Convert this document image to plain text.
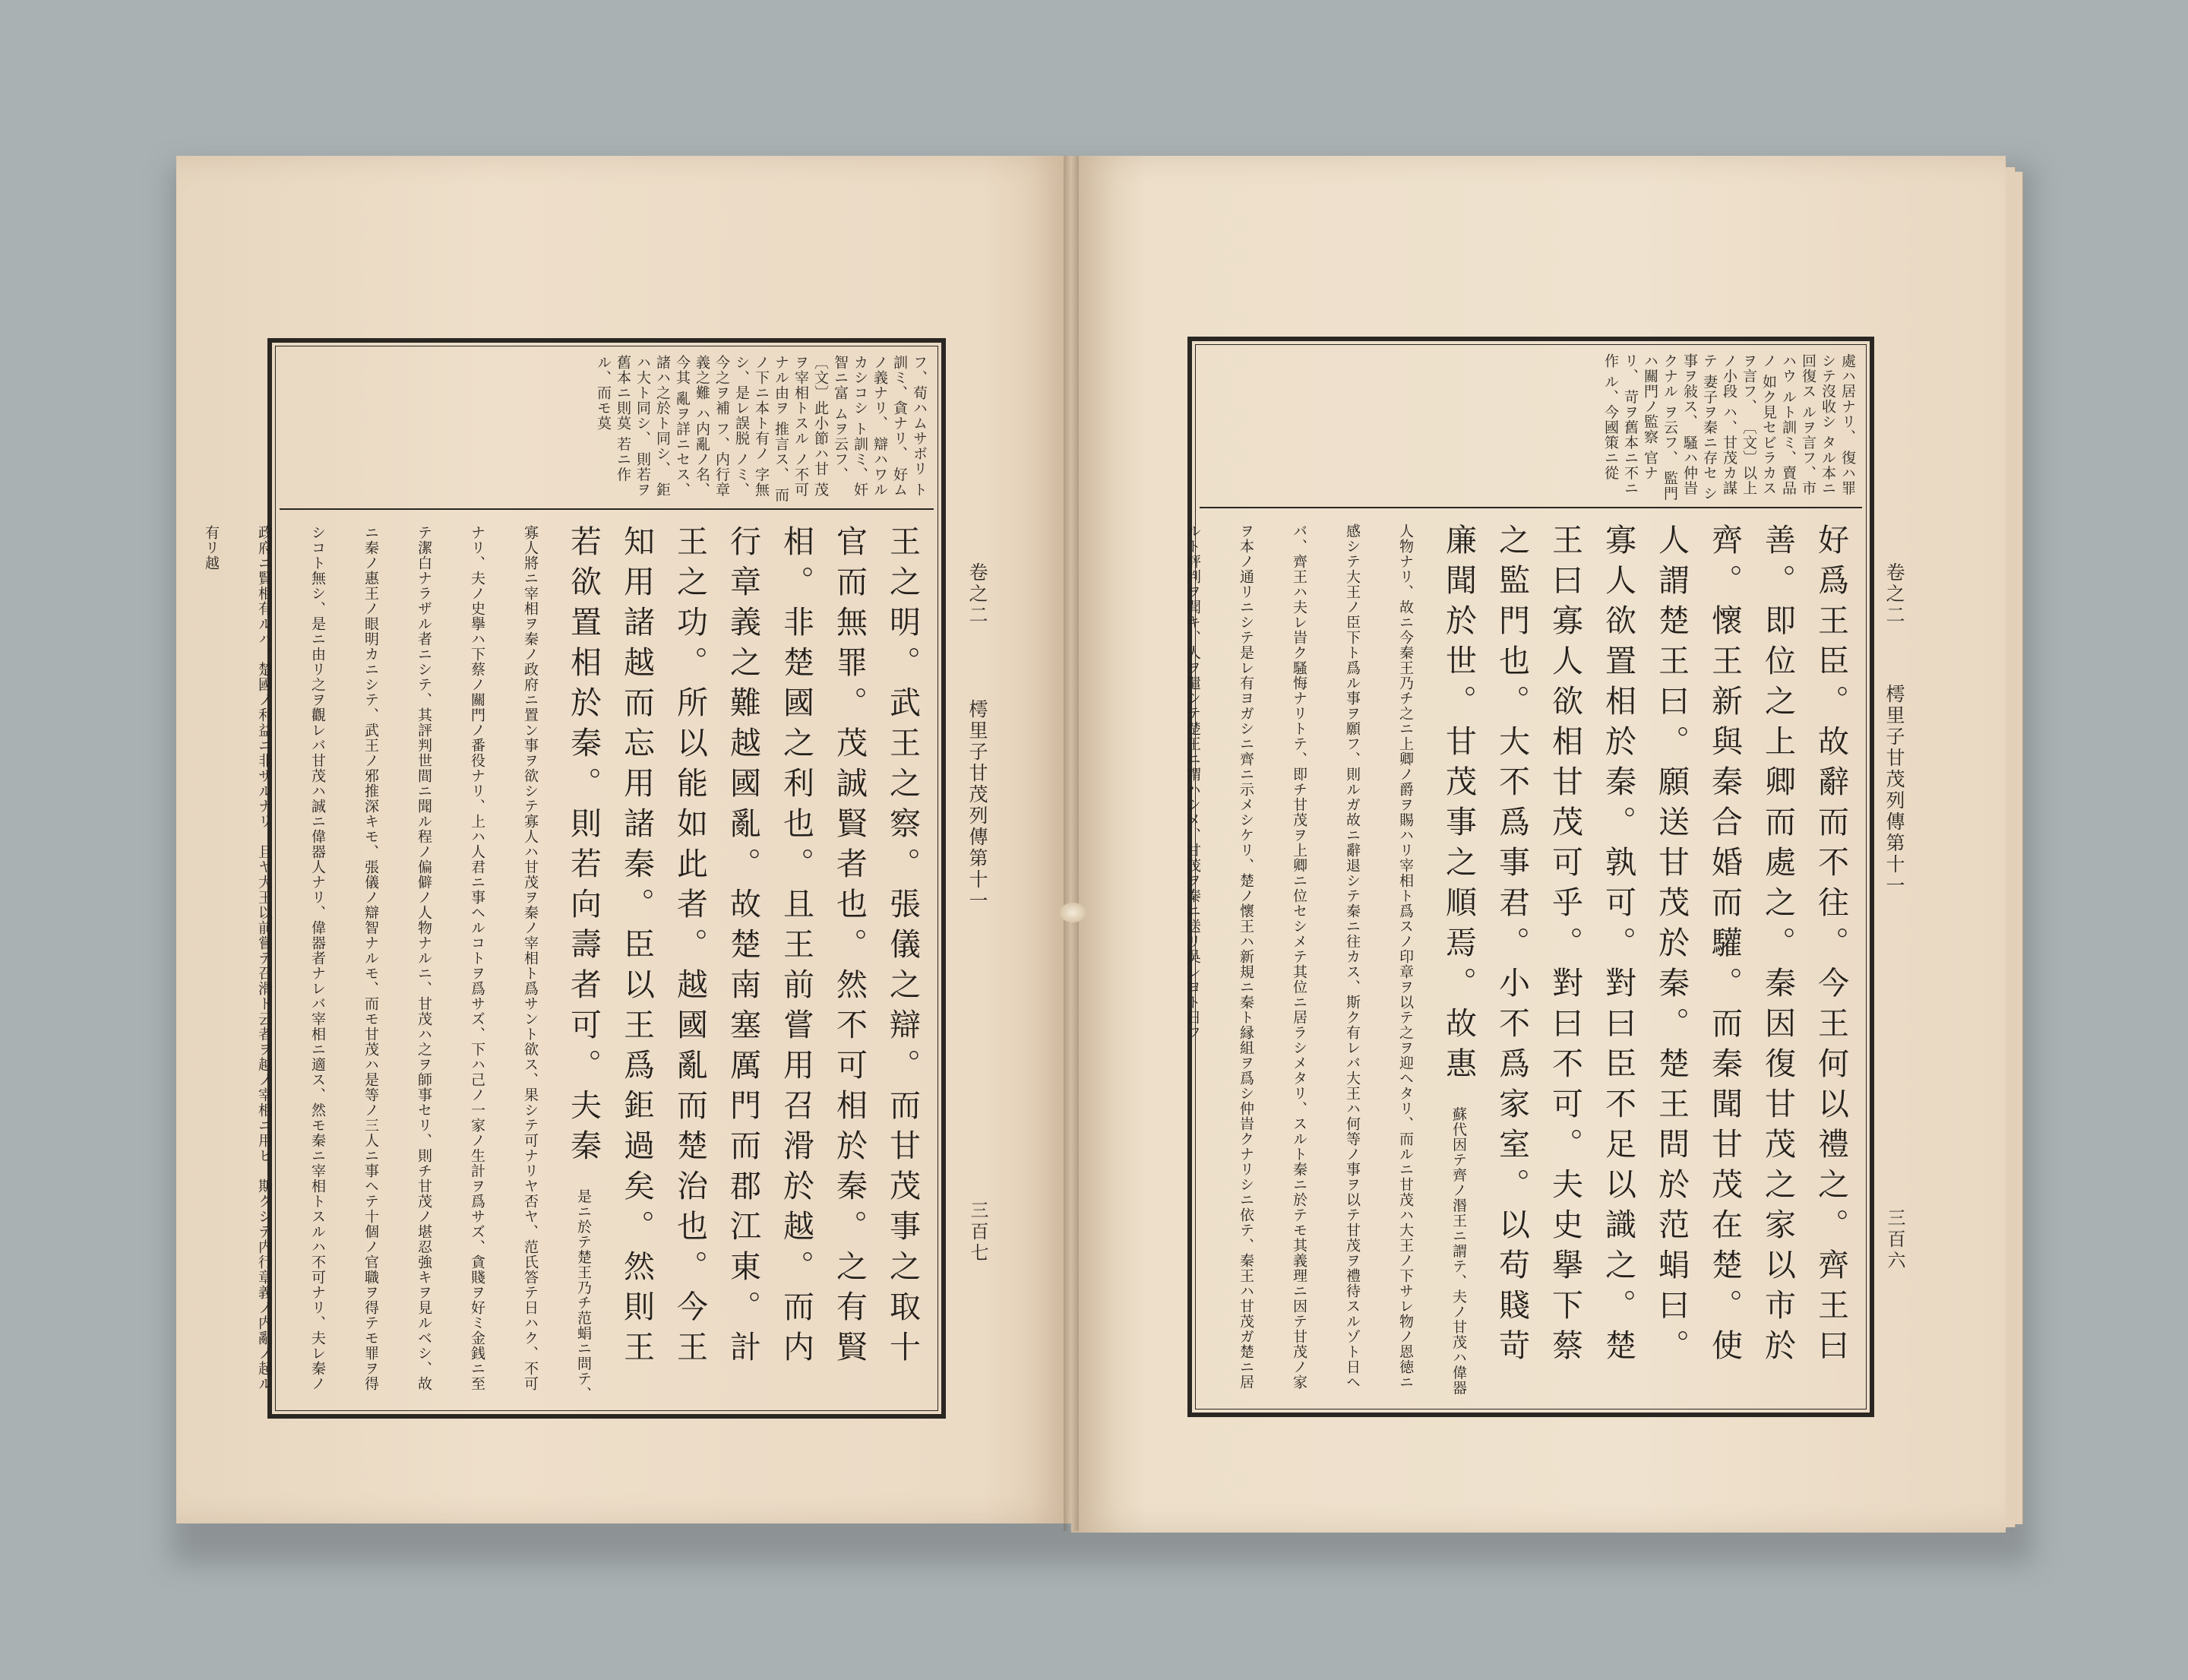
フ、荀ハムサボリ ト訓ミ、貪ナリ、 好ムノ義ナリ、 辯ハワルカシコシ ト訓ミ、奸智ニ富 ムヲ云フ、 〔文〕此小節ハ甘 茂ヲ宰相トスル ノ不可ナル由ヲ 推言ス、 而ノ下ニ本ト有ノ 字無シ、是レ誤脱 ノミ、今之ヲ補 フ、内行章義之難 ハ内亂ノ名、今其 亂ヲ詳ニセス、 諸ハ之於ト同シ、 鉅ハ大ト同シ、 則若ヲ舊本ニ則莫 若ニ作ル、而モ莫
王之明。武王之察。張儀之辯。而甘茂事之取十官而無罪。茂誠賢者也。然不可相於秦。之有賢相。非楚國之利也。且王前嘗用召滑於越。而内行章義之難越國亂。故楚南塞厲門而郡江東。計王之功。所以能如此者。越國亂而楚治也。今王知用諸越而忘用諸秦。臣以王爲鉅過矣。然則王若欲置相於秦。則若向壽者可。夫秦 是ニ於テ楚王乃チ范蜎ニ問テ、寡人將ニ宰相ヲ秦ノ政府ニ置ン事ヲ欲シテ寡人ハ甘茂ヲ秦ノ宰相ト爲サント欲ス、果シテ可ナリヤ否ヤ、范氏答テ日ハク、不可ナリ、夫ノ史擧ハ下蔡ノ關門ノ番役ナリ、上ハ人君ニ事ヘルコトヲ爲サズ、下ハ己ノ一家ノ生計ヲ爲サズ、貪賤ヲ好ミ金銭ニ至テ潔白ナラザル者ニシテ、其評判世間ニ聞ル程ノ偏僻ノ人物ナルニ、甘茂ハ之ヲ師事セリ、則チ甘茂ノ堪忍強キヲ見ルベシ、故ニ秦ノ惠王ノ眼明カニシテ、武王ノ邪推深キモ、張儀ノ辯智ナルモ、而モ甘茂ハ是等ノ三人ニ事ヘテ十個ノ官職ヲ得テモ罪ヲ得シコト無シ、是ニ由リ之ヲ觀レバ甘茂ハ誠ニ偉器人ナリ、偉器者ナレバ宰相ニ適ス、然モ秦ニ宰相トスルハ不可ナリ、夫レ秦ノ政府ニ賢相有ルハ、楚國ノ利益ニ非ザルナリ、且ヤ大王以前嘗テ召滑ト云者ヲ越ノ宰相ニ用ヒ、斯クシテ内行章義ノ内亂ノ起ル有リ越
卷之二
樗里子甘茂列傳第十一
三百七
處ハ居ナリ、 復ハ罪シテ沒收シ タル本ニ回復ス ルヲ言フ、市ハウ ルト訓ミ、賣品ノ 如ク見セビラカス ヲ言フ、 〔文〕以上ノ小段 ハ、甘茂カ謀テ 妻子ヲ秦ニ存セ シ事ヲ敍ス、 騷ハ仲旹クナル ヲ云フ、 監門ハ關門ノ監察 官ナリ、 苛ヲ舊本ニ不ニ作 ル、今國策ニ從
好爲王臣。故辭而不往。今王何以禮之。齊王曰善。即位之上卿而處之。秦因復甘茂之家以市於齊。懷王新與秦合婚而驩。而秦聞甘茂在楚。使人謂楚王曰。願送甘茂於秦。楚王問於范蜎曰。寡人欲置相於秦。孰可。對曰臣不足以識之。楚王曰寡人欲相甘茂可乎。對曰不可。夫史擧下蔡之監門也。大不爲事君。小不爲家室。以苟賤苛廉聞於世。甘茂事之順焉。故惠 蘇代因テ齊ノ湣王ニ謂テ、夫ノ甘茂ハ偉器人物ナリ、故ニ今秦王乃チ之ニ上卿ノ爵ヲ賜ハリ宰相ト爲スノ印章ヲ以テ之ヲ迎ヘタリ、而ルニ甘茂ハ大王ノ下サレ物ノ恩徳ニ感シテ大王ノ臣下ト爲ル事ヲ願フ、則ルガ故ニ辭退シテ秦ニ往カス、斯ク有レバ大王ハ何等ノ事ヲ以テ甘茂ヲ禮待スルゾト日ヘバ、齊王ハ夫レ旹ク騷悔ナリトテ、即チ甘茂ヲ上卿ニ位セシメテ其位ニ居ラシメタリ、スルト秦ニ於テモ其義理ニ因テ甘茂ノ家ヲ本ノ通リニシテ是レ有ヨガシニ齊ニ示メシケリ、楚ノ懷王ハ新規ニ秦ト縁組ヲ爲シ仲旹クナリシニ依テ、秦王ハ甘茂ガ楚ニ居ルト評判ヲ聞キ、人ヲ遣シテ楚王ニ謂ハシメ、甘茂ヲ秦ニ送リ吳レヨト日フ	卷之二
樗里子甘茂列傳第十一
三百六
